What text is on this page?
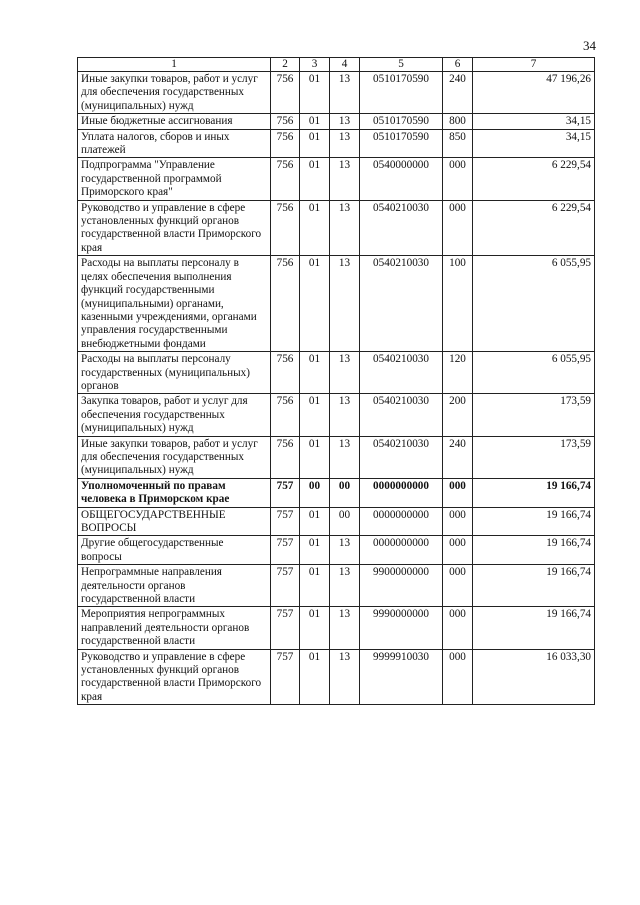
34
1	2	3	4	5	6	7
Иные закупки товаров, работ и услуг для обеспечения государственных (муниципальных) нужд	756	01	13	0510170590	240	47 196,26
Иные бюджетные ассигнования	756	01	13	0510170590	800	34,15
Уплата налогов, сборов и иных платежей	756	01	13	0510170590	850	34,15
Подпрограмма "Управление государственной программой Приморского края"	756	01	13	0540000000	000	6 229,54
Руководство и управление в сфере установленных функций органов государственной власти Приморского края	756	01	13	0540210030	000	6 229,54
Расходы на выплаты персоналу в целях обеспечения выполнения функций государственными (муниципальными) органами, казенными учреждениями, органами управления государственными внебюджетными фондами	756	01	13	0540210030	100	6 055,95
Расходы на выплаты персоналу государственных (муниципальных) органов	756	01	13	0540210030	120	6 055,95
Закупка товаров, работ и услуг для обеспечения государственных (муниципальных) нужд	756	01	13	0540210030	200	173,59
Иные закупки товаров, работ и услуг для обеспечения государственных (муниципальных) нужд	756	01	13	0540210030	240	173,59
Уполномоченный по правам человека в Приморском крае	757	00	00	0000000000	000	19 166,74
ОБЩЕГОСУДАРСТВЕННЫЕ ВОПРОСЫ	757	01	00	0000000000	000	19 166,74
Другие общегосударственные вопросы	757	01	13	0000000000	000	19 166,74
Непрограммные направления деятельности органов государственной власти	757	01	13	9900000000	000	19 166,74
Мероприятия непрограммных направлений деятельности органов государственной власти	757	01	13	9990000000	000	19 166,74
Руководство и управление в сфере установленных функций органов государственной власти Приморского края	757	01	13	9999910030	000	16 033,30
